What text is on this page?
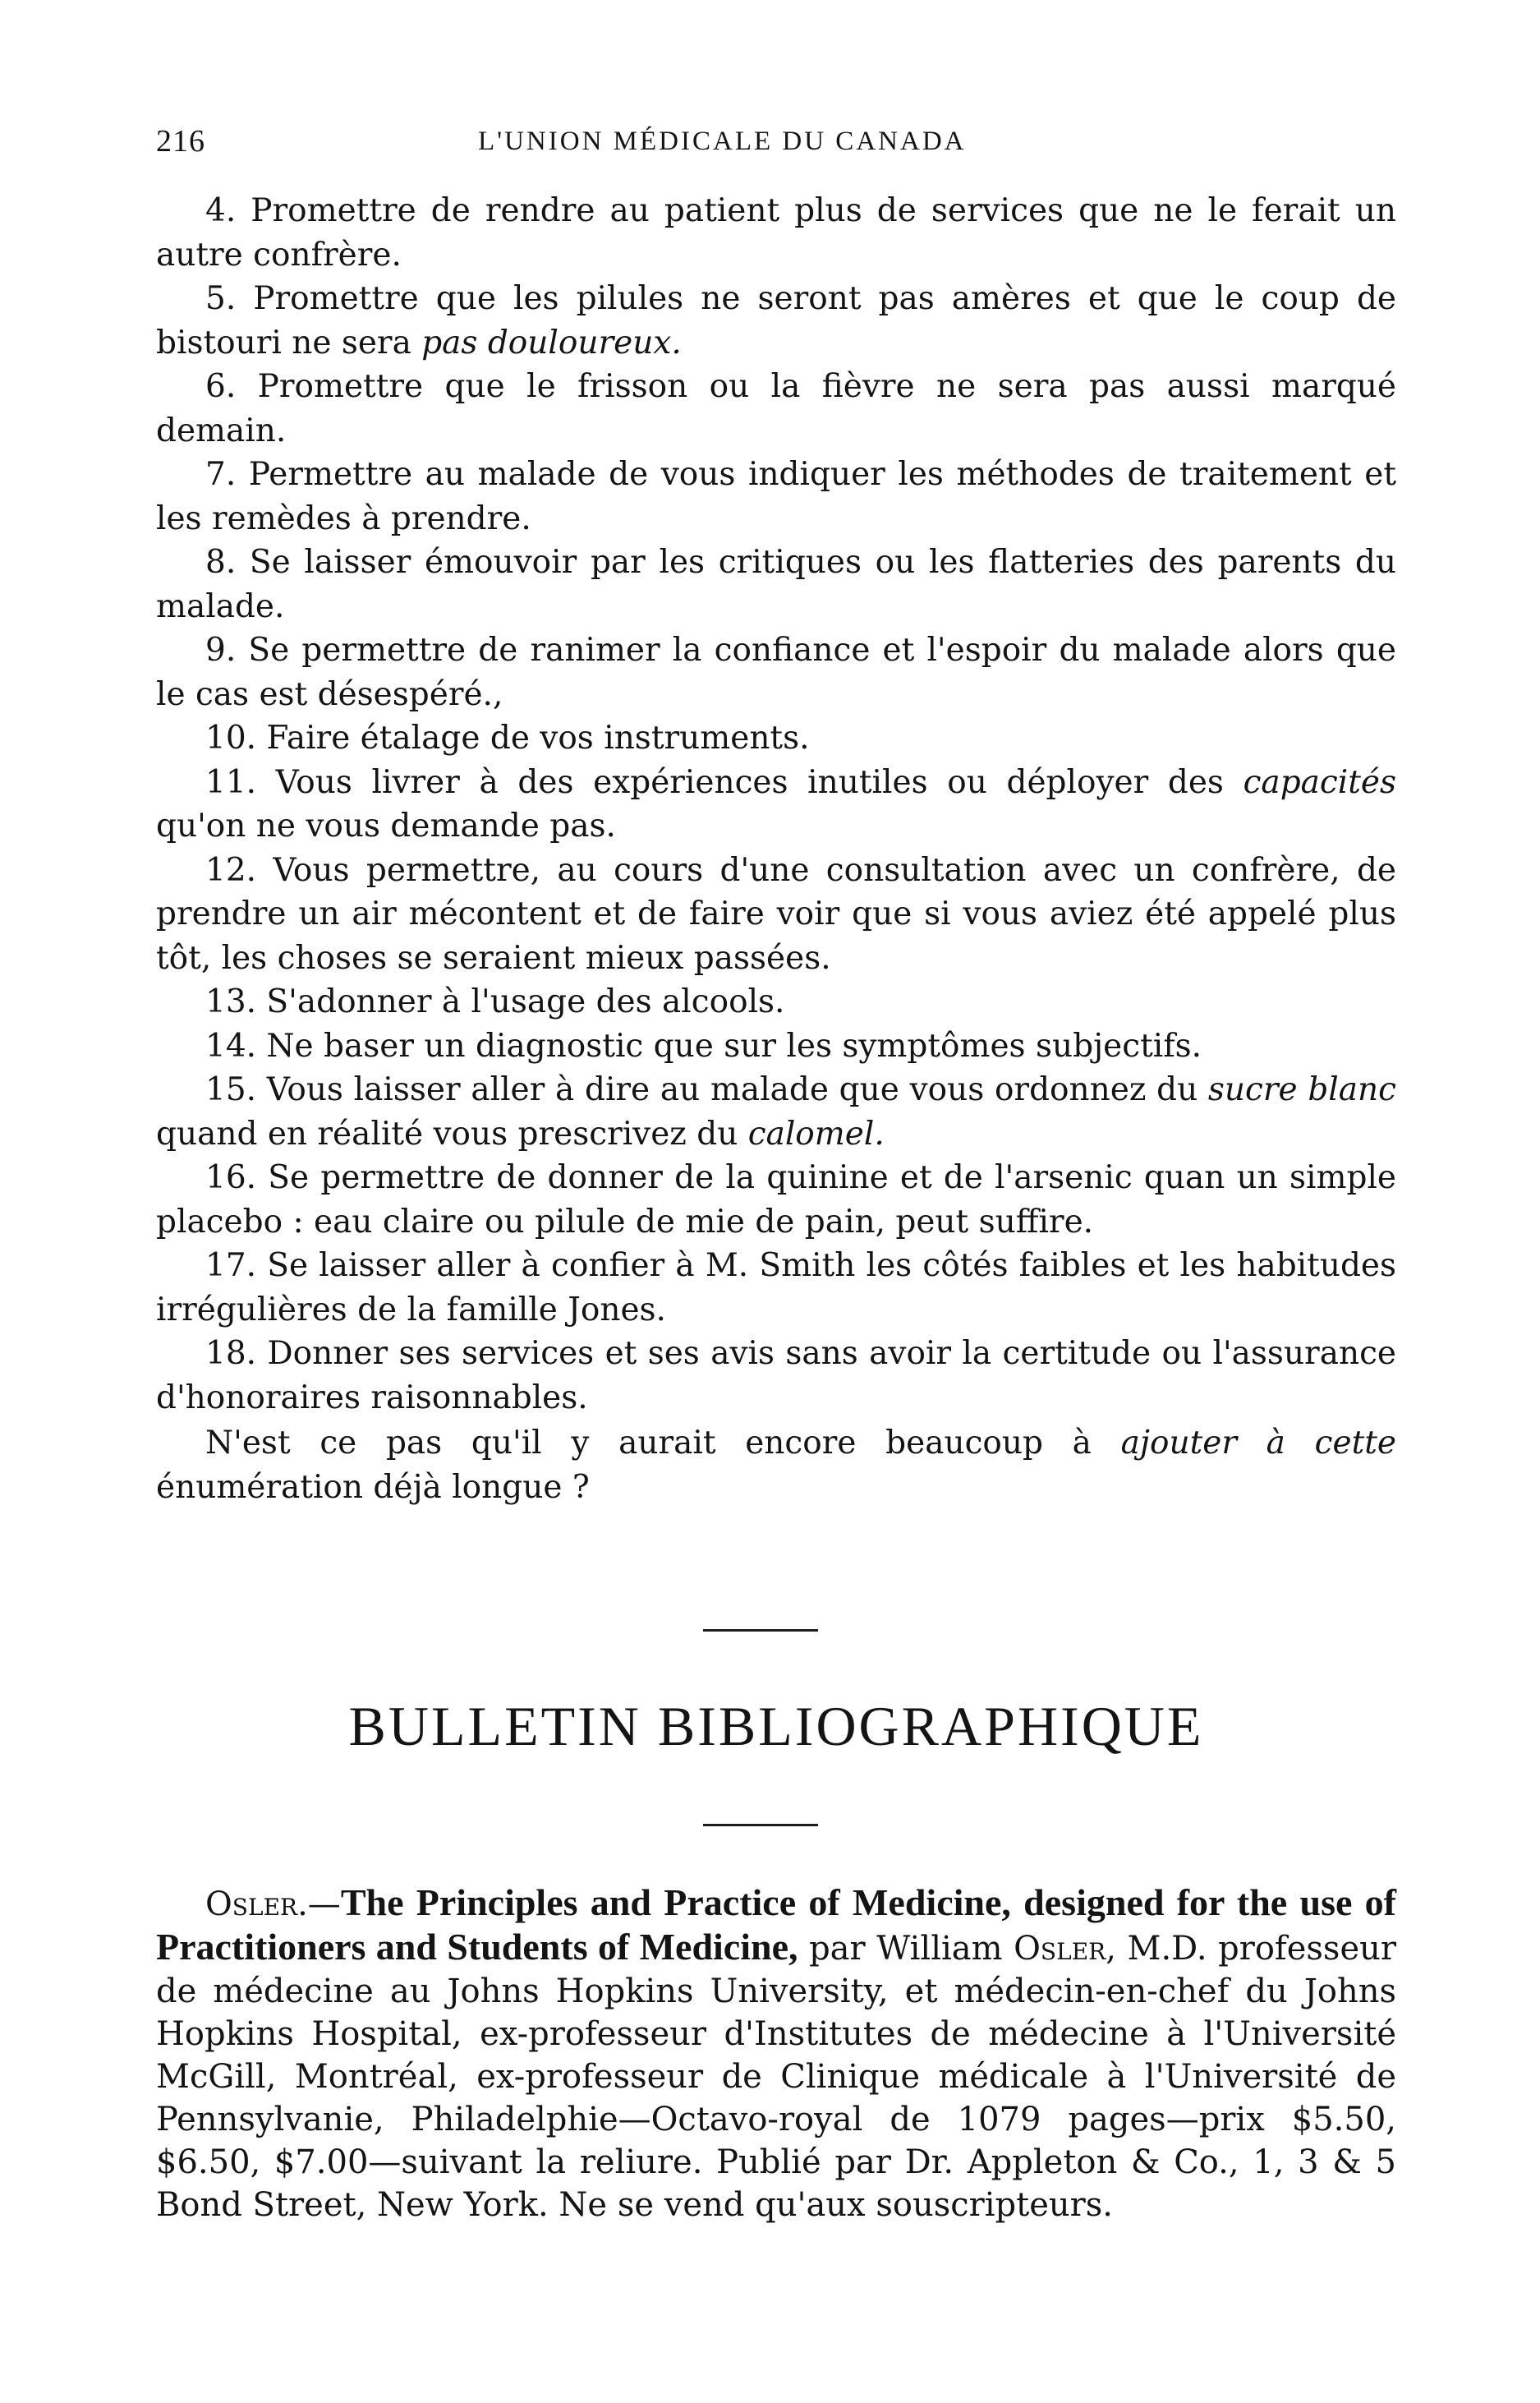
216	L'UNION MÉDICALE DU CANADA

4. Promettre de rendre au patient plus de services que ne le ferait un autre confrère.

5. Promettre que les pilules ne seront pas amères et que le coup de bistouri ne sera pas douloureux.

6. Promettre que le frisson ou la fièvre ne sera pas aussi marqué demain.

7. Permettre au malade de vous indiquer les méthodes de traitement et les remèdes à prendre.

8. Se laisser émouvoir par les critiques ou les flatteries des parents du malade.

9. Se permettre de ranimer la confiance et l'espoir du malade alors que le cas est désespéré.,

10. Faire étalage de vos instruments.

11. Vous livrer à des expériences inutiles ou déployer des capacités qu'on ne vous demande pas.

12. Vous permettre, au cours d'une consultation avec un confrère, de prendre un air mécontent et de faire voir que si vous aviez été appelé plus tôt, les choses se seraient mieux passées.

13. S'adonner à l'usage des alcools.

14. Ne baser un diagnostic que sur les symptômes subjectifs.

15. Vous laisser aller à dire au malade que vous ordonnez du sucre blanc quand en réalité vous prescrivez du calomel.

16. Se permettre de donner de la quinine et de l'arsenic quan un simple placebo : eau claire ou pilule de mie de pain, peut suffire.

17. Se laisser aller à confier à M. Smith les côtés faibles et les habitudes irrégulières de la famille Jones.

18. Donner ses services et ses avis sans avoir la certitude ou l'assurance d'honoraires raisonnables.

N'est ce pas qu'il y aurait encore beaucoup à ajouter à cette énumération déjà longue ?

BULLETIN BIBLIOGRAPHIQUE
Osler.—The Principles and Practice of Medicine, designed for the use of Practitioners and Students of Medicine, par William Osler, M.D. professeur de médecine au Johns Hopkins University, et médecin-en-chef du Johns Hopkins Hospital, ex-professeur d'Institutes de médecine à l'Université McGill, Montréal, ex-professeur de Clinique médicale à l'Université de Pennsylvanie, Philadelphie—Octavo-royal de 1079 pages—prix $5.50, $6.50, $7.00—suivant la reliure. Publié par Dr. Appleton & Co., 1, 3 & 5 Bond Street, New York. Ne se vend qu'aux souscripteurs.
